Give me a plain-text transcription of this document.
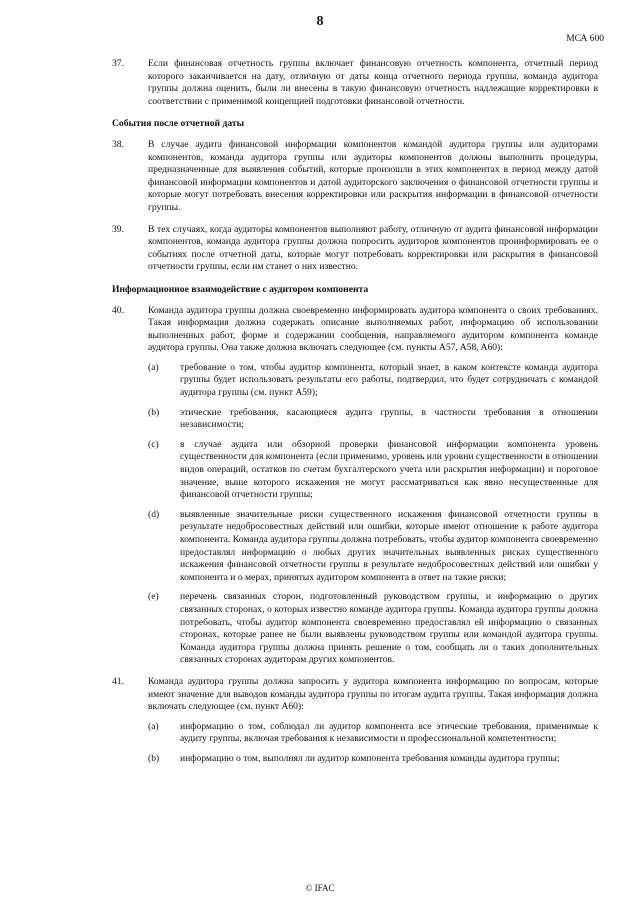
8
МСА 600
37.	Если финансовая отчетность группы включает финансовую отчетность компонента, отчетный период которого заканчивается на дату, отличную от даты конца отчетного периода группы, команда аудитора группы должна оценить, были ли внесены в такую финансовую отчетность надлежащие корректировки в соответствии с применимой концепцией подготовки финансовой отчетности.
События после отчетной даты
38.	В случае аудита финансовой информации компонентов командой аудитора группы или аудиторами компонентов, команда аудитора группы или аудиторы компонентов должны выполнить процедуры, предназначенные для выявления событий, которые произошли в этих компонентах в период между датой финансовой информации компонентов и датой аудиторского заключения о финансовой отчетности группы и которые могут потребовать внесения корректировки или раскрытия информации в финансовой отчетности группы.
39.	В тех случаях, когда аудиторы компонентов выполняют работу, отличную от аудита финансовой информации компонентов, команда аудитора группы должна попросить аудиторов компонентов проинформировать ее о событиях после отчетной даты, которые могут потребовать корректировки или раскрытия в финансовой отчетности группы, если им станет о них известно.
Информационное взаимодействие с аудитором компонента
40.	Команда аудитора группы должна своевременно информировать аудитора компонента о своих требованиях. Такая информация должна содержать описание выполняемых работ, информацию об использовании выполненных работ, форме и содержании сообщения, направляемого аудитором компонента команде аудитора группы. Она также должна включать следующее (см. пункты A57, A58, A60):
(a) требование о том, чтобы аудитор компонента, который знает, в каком контексте команда аудитора группы будет использовать результаты его работы, подтвердил, что будет сотрудничать с командой аудитора группы (см. пункт A59);
(b) этические требования, касающиеся аудита группы, в частности требования в отношении независимости;
(c) в случае аудита или обзорной проверки финансовой информации компонента уровень существенности для компонента (если применимо, уровень или уровни существенности в отношении видов операций, остатков по счетам бухгалтерского учета или раскрытия информации) и пороговое значение, выше которого искажения не могут рассматриваться как явно несущественные для финансовой отчетности группы;
(d) выявленные значительные риски существенного искажения финансовой отчетности группы в результате недобросовестных действий или ошибки, которые имеют отношение к работе аудитора компонента. Команда аудитора группы должна потребовать, чтобы аудитор компонента своевременно предоставлял информацию о любых других значительных выявленных рисках существенного искажения финансовой отчетности группы в результате недобросовестных действий или ошибки у компонента и о мерах, принятых аудитором компонента в ответ на такие риски;
(e) перечень связанных сторон, подготовленный руководством группы, и информацию о других связанных сторонах, о которых известно команде аудитора группы. Команда аудитора группы должна потребовать, чтобы аудитор компонента своевременно предоставлял ей информацию о связанных сторонах, которые ранее не были выявлены руководством группы или командой аудитора группы. Команда аудитора группы должна принять решение о том, сообщать ли о таких дополнительных связанных сторонах аудиторам других компонентов.
41.	Команда аудитора группы должна запросить у аудитора компонента информацию по вопросам, которые имеют значение для выводов команды аудитора группы по итогам аудита группы. Такая информация должна включать следующее (см. пункт A60):
(a) информацию о том, соблюдал ли аудитор компонента все этические требования, применимые к аудиту группы, включая требования к независимости и профессиональной компетентности;
(b) информацию о том, выполнял ли аудитор компонента требования команды аудитора группы;
© IFAC
